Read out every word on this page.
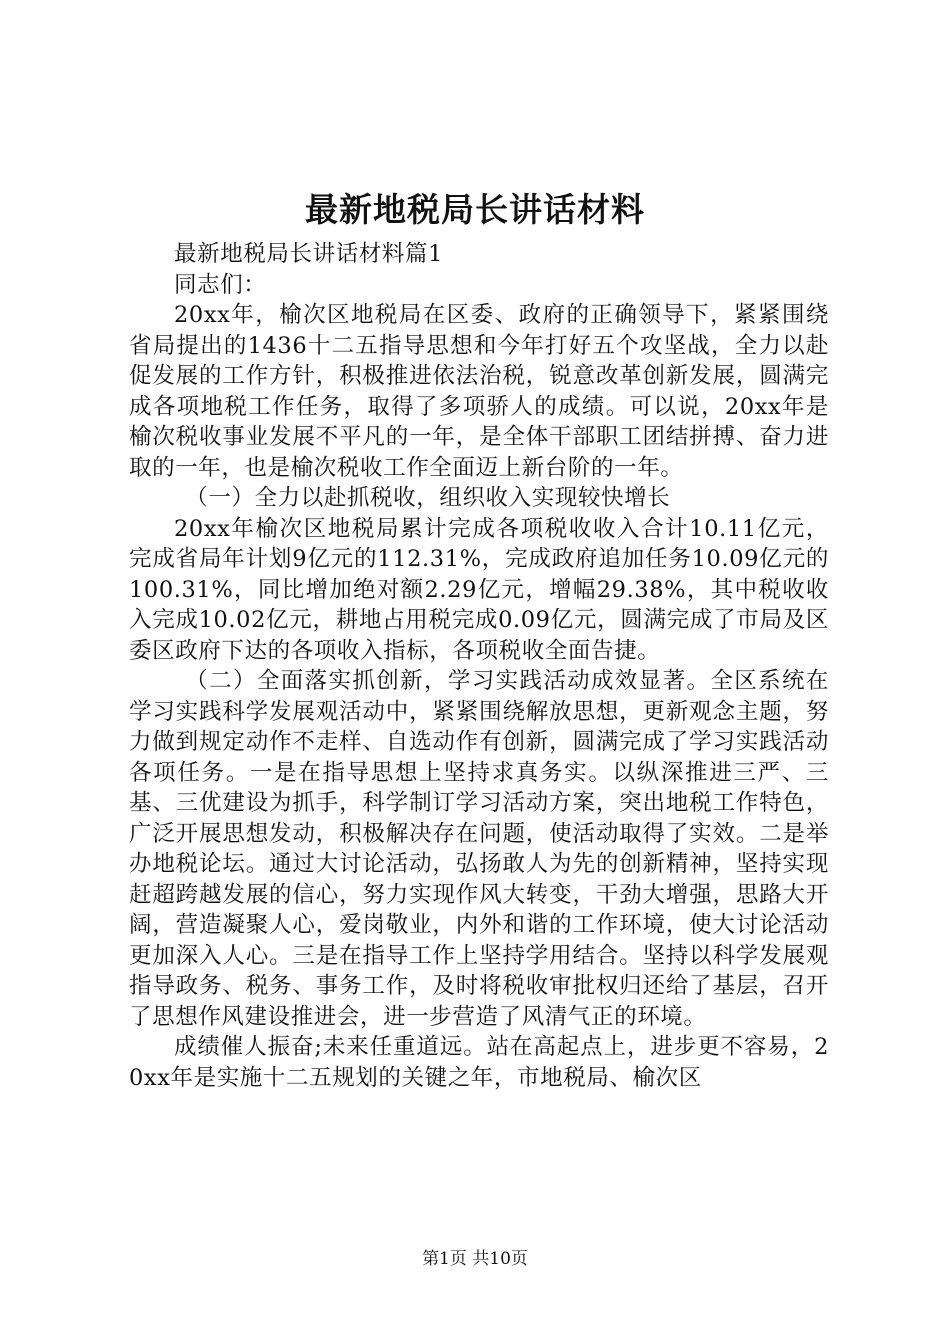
最新地税局长讲话材料

最新地税局长讲话材料篇1

同志们：

20xx年，榆次区地税局在区委、政府的正确领导下，紧紧围绕省局提出的1436十二五指导思想和今年打好五个攻坚战，全力以赴促发展的工作方针，积极推进依法治税，锐意改革创新发展，圆满完成各项地税工作任务，取得了多项骄人的成绩。可以说，20xx年是榆次税收事业发展不平凡的一年，是全体干部职工团结拼搏、奋力进取的一年，也是榆次税收工作全面迈上新台阶的一年。

（一）全力以赴抓税收，组织收入实现较快增长

20xx年榆次区地税局累计完成各项税收收入合计10.11亿元，完成省局年计划9亿元的112.31%，完成政府追加任务10.09亿元的100.31%，同比增加绝对额2.29亿元，增幅29.38%，其中税收收入完成10.02亿元，耕地占用税完成0.09亿元，圆满完成了市局及区委区政府下达的各项收入指标，各项税收全面告捷。

（二）全面落实抓创新，学习实践活动成效显著。全区系统在学习实践科学发展观活动中，紧紧围绕解放思想，更新观念主题，努力做到规定动作不走样、自选动作有创新，圆满完成了学习实践活动各项任务。一是在指导思想上坚持求真务实。以纵深推进三严、三基、三优建设为抓手，科学制订学习活动方案，突出地税工作特色，广泛开展思想发动，积极解决存在问题，使活动取得了实效。二是举办地税论坛。通过大讨论活动，弘扬敢人为先的创新精神，坚持实现赶超跨越发展的信心，努力实现作风大转变，干劲大增强，思路大开阔，营造凝聚人心，爱岗敬业，内外和谐的工作环境，使大讨论活动更加深入人心。三是在指导工作上坚持学用结合。坚持以科学发展观指导政务、税务、事务工作，及时将税收审批权归还给了基层，召开了思想作风建设推进会，进一步营造了风清气正的环境。

成绩催人振奋;未来任重道远。站在高起点上，进步更不容易，20xx年是实施十二五规划的关键之年，市地税局、榆次区

第1页 共10页
